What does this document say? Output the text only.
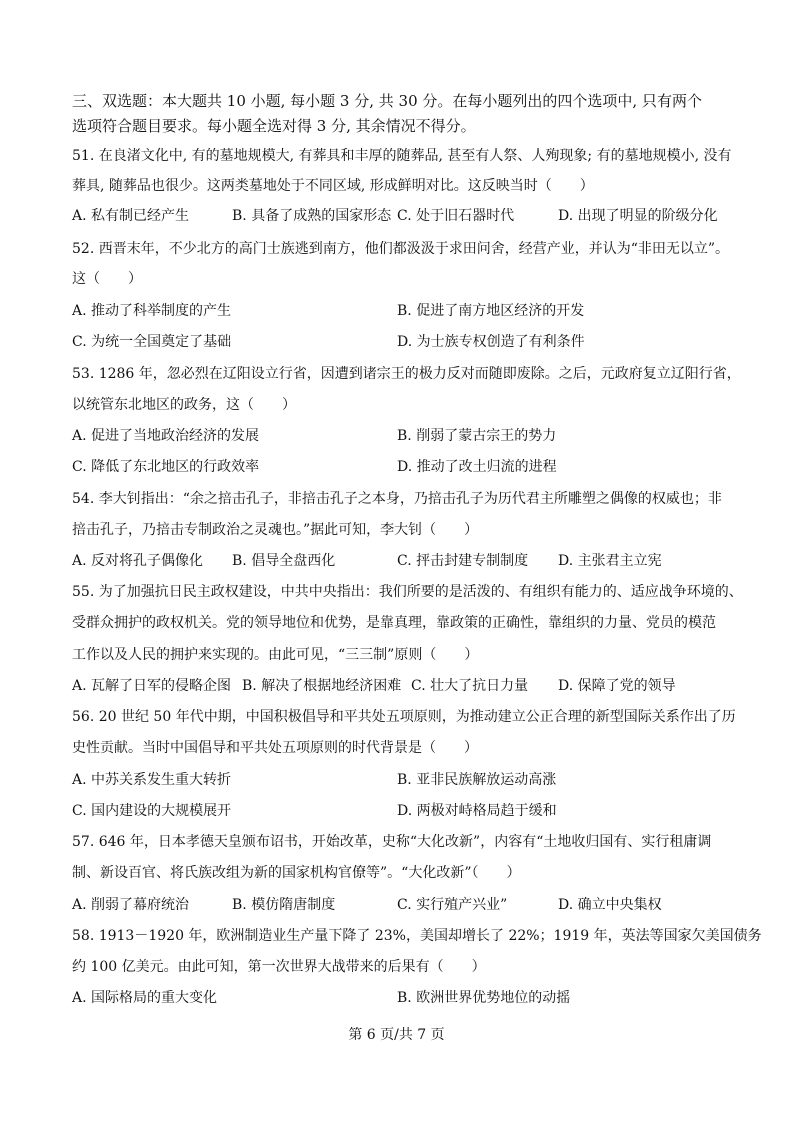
三、双选题：本大题共 10 小题, 每小题 3 分, 共 30 分。在每小题列出的四个选项中, 只有两个
选项符合题目要求。每小题全选对得 3 分, 其余情况不得分。
51. 在良渚文化中, 有的墓地规模大, 有葬具和丰厚的随葬品, 甚至有人祭、人殉现象; 有的墓地规模小, 没有
葬具, 随葬品也很少。这两类墓地处于不同区域, 形成鲜明对比。这反映当时（　　）
A. 私有制已经产生	B. 具备了成熟的国家形态 C. 处于旧石器时代	D. 出现了明显的阶级分化
52. 西晋末年，不少北方的高门士族逃到南方，他们都汲汲于求田问舍，经营产业，并认为“非田无以立”。
这（　　）
A. 推动了科举制度的产生	B. 促进了南方地区经济的开发
C. 为统一全国奠定了基础	D. 为士族专权创造了有利条件
53. 1286 年，忽必烈在辽阳设立行省，因遭到诸宗王的极力反对而随即废除。之后，元政府复立辽阳行省，
以统管东北地区的政务，这（　　）
A. 促进了当地政治经济的发展	B. 削弱了蒙古宗王的势力
C. 降低了东北地区的行政效率	D. 推动了改土归流的进程
54. 李大钊指出：“余之掊击孔子，非掊击孔子之本身，乃掊击孔子为历代君主所雕塑之偶像的权威也；非
掊击孔子，乃掊击专制政治之灵魂也。”据此可知，李大钊（　　）
A. 反对将孔子偶像化 B. 倡导全盘西化	C. 抨击封建专制制度 D. 主张君主立宪
55. 为了加强抗日民主政权建设，中共中央指出：我们所要的是活泼的、有组织有能力的、适应战争环境的、
受群众拥护的政权机关。党的领导地位和优势，是靠真理，靠政策的正确性，靠组织的力量、党员的模范
工作以及人民的拥护来实现的。由此可见，“三三制”原则（　　）
A. 瓦解了日军的侵略企图 B. 解决了根据地经济困难 C. 壮大了抗日力量 D. 保障了党的领导
56. 20 世纪 50 年代中期，中国积极倡导和平共处五项原则，为推动建立公正合理的新型国际关系作出了历
史性贡献。当时中国倡导和平共处五项原则的时代背景是（　　）
A. 中苏关系发生重大转折	B. 亚非民族解放运动高涨
C. 国内建设的大规模展开	D. 两极对峙格局趋于缓和
57. 646 年，日本孝德天皇颁布诏书，开始改革，史称“大化改新”，内容有“土地收归国有、实行租庸调
制、新设百官、将氏族改组为新的国家机构官僚等”。“大化改新”（　　）
A. 削弱了幕府统治	B. 模仿隋唐制度	C. 实行殖产兴业”	D. 确立中央集权
58. 1913－1920 年，欧洲制造业生产量下降了 23%，美国却增长了 22%；1919 年，英法等国家欠美国债务
约 100 亿美元。由此可知，第一次世界大战带来的后果有（　　）
A. 国际格局的重大变化	B. 欧洲世界优势地位的动摇
第 6 页/共 7 页
